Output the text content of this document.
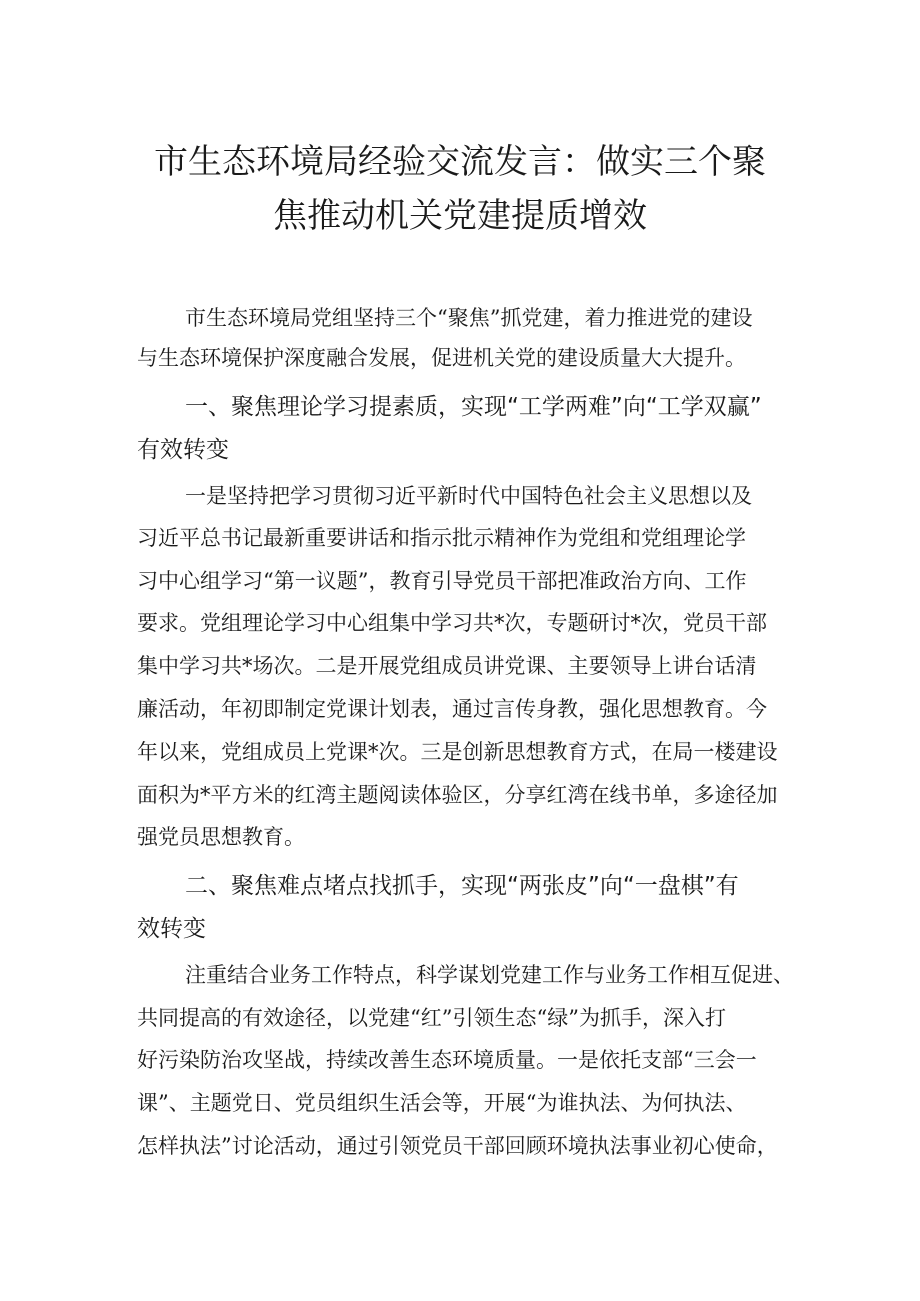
市生态环境局经验交流发言：做实三个聚
焦推动机关党建提质增效
市生态环境局党组坚持三个“聚焦”抓党建，着力推进党的建设
与生态环境保护深度融合发展，促进机关党的建设质量大大提升。
一、聚焦理论学习提素质，实现“工学两难”向“工学双赢”
有效转变
一是坚持把学习贯彻习近平新时代中国特色社会主义思想以及
习近平总书记最新重要讲话和指示批示精神作为党组和党组理论学
习中心组学习“第一议题”，教育引导党员干部把准政治方向、工作
要求。党组理论学习中心组集中学习共*次，专题研讨*次，党员干部
集中学习共*场次。二是开展党组成员讲党课、主要领导上讲台话清
廉活动，年初即制定党课计划表，通过言传身教，强化思想教育。今
年以来，党组成员上党课*次。三是创新思想教育方式，在局一楼建设
面积为*平方米的红湾主题阅读体验区，分享红湾在线书单，多途径加
强党员思想教育。
二、聚焦难点堵点找抓手，实现“两张皮”向“一盘棋”有
效转变
注重结合业务工作特点，科学谋划党建工作与业务工作相互促进、
共同提高的有效途径，以党建“红”引领生态“绿”为抓手，深入打
好污染防治攻坚战，持续改善生态环境质量。一是依托支部“三会一
课”、主题党日、党员组织生活会等，开展“为谁执法、为何执法、
怎样执法”讨论活动，通过引领党员干部回顾环境执法事业初心使命，
